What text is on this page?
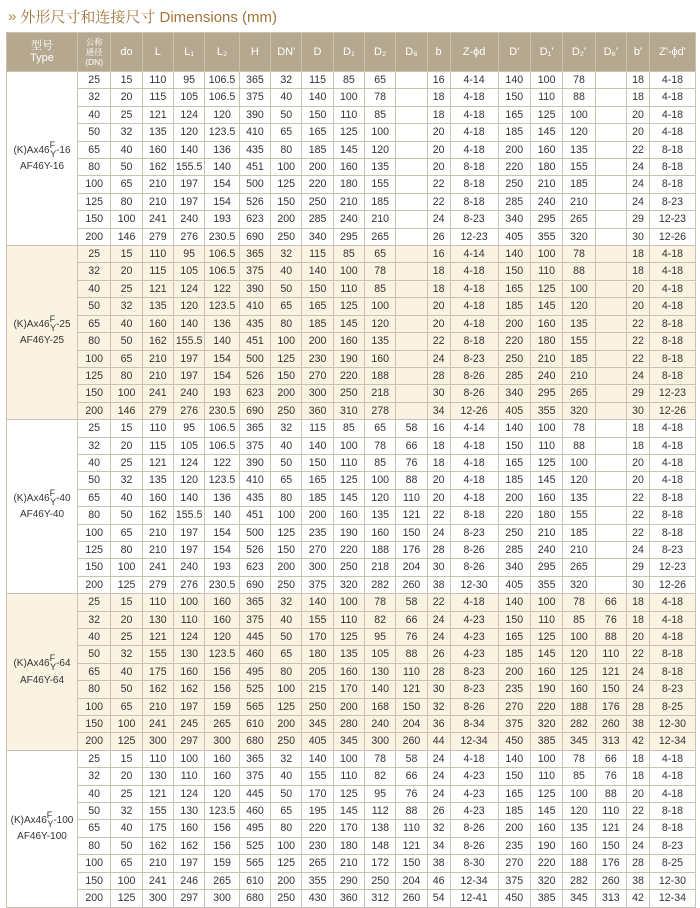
» 外形尺寸和连接尺寸 Dimensions (mm)
型号
Type	公称
通径
(DN)	do	L	L₁	L₂	H	DN'	D	D₁	D₂	D₆	b	Z-ϕd	D'	D₁'	D₂'	D₆'	b'	Z'-ϕd'
(K)Ax46FY-16
AF46Y-16	25	15	110	95	106.5	365	32	115	85	65		16	4-14	140	100	78		18	4-18
	32	20	115	105	106.5	375	40	140	100	78		18	4-18	150	110	88		18	4-18
	40	25	121	124	120	390	50	150	110	85		18	4-18	165	125	100		20	4-18
	50	32	135	120	123.5	410	65	165	125	100		20	4-18	185	145	120		20	4-18
	65	40	160	140	136	435	80	185	145	120		20	4-18	200	160	135		22	8-18
	80	50	162	155.5	140	451	100	200	160	135		20	8-18	220	180	155		24	8-18
	100	65	210	197	154	500	125	220	180	155		22	8-18	250	210	185		24	8-18
	125	80	210	197	154	526	150	250	210	185		22	8-18	285	240	210		24	8-23
	150	100	241	240	193	623	200	285	240	210		24	8-23	340	295	265		29	12-23
	200	146	279	276	230.5	690	250	340	295	265		26	12-23	405	355	320		30	12-26
(K)Ax46FY-25
AF46Y-25	25	15	110	95	106.5	365	32	115	85	65		16	4-14	140	100	78		18	4-18
	32	20	115	105	106.5	375	40	140	100	78		18	4-18	150	110	88		18	4-18
	40	25	121	124	122	390	50	150	110	85		18	4-18	165	125	100		20	4-18
	50	32	135	120	123.5	410	65	165	125	100		20	4-18	185	145	120		20	4-18
	65	40	160	140	136	435	80	185	145	120		20	4-18	200	160	135		22	8-18
	80	50	162	155.5	140	451	100	200	160	135		22	8-18	220	180	155		22	8-18
	100	65	210	197	154	500	125	230	190	160		24	8-23	250	210	185		22	8-18
	125	80	210	197	154	526	150	270	220	188		28	8-26	285	240	210		24	8-18
	150	100	241	240	193	623	200	300	250	218		30	8-26	340	295	265		29	12-23
	200	146	279	276	230.5	690	250	360	310	278		34	12-26	405	355	320		30	12-26
(K)Ax46FY-40
AF46Y-40	25	15	110	95	106.5	365	32	115	85	65	58	16	4-14	140	100	78		18	4-18
	32	20	115	105	106.5	375	40	140	100	78	66	18	4-18	150	110	88		18	4-18
	40	25	121	124	122	390	50	150	110	85	76	18	4-18	165	125	100		20	4-18
	50	32	135	120	123.5	410	65	165	125	100	88	20	4-18	185	145	120		20	4-18
	65	40	160	140	136	435	80	185	145	120	110	20	4-18	200	160	135		22	8-18
	80	50	162	155.5	140	451	100	200	160	135	121	22	8-18	220	180	155		22	8-18
	100	65	210	197	154	500	125	235	190	160	150	24	8-23	250	210	185		22	8-18
	125	80	210	197	154	526	150	270	220	188	176	28	8-26	285	240	210		24	8-23
	150	100	241	240	193	623	200	300	250	218	204	30	8-26	340	295	265		29	12-23
	200	125	279	276	230.5	690	250	375	320	282	260	38	12-30	405	355	320		30	12-26
(K)Ax46FY-64
AF46Y-64	25	15	110	100	160	365	32	140	100	78	58	22	4-18	140	100	78	66	18	4-18
	32	20	130	110	160	375	40	155	110	82	66	24	4-23	150	110	85	76	18	4-18
	40	25	121	124	120	445	50	170	125	95	76	24	4-23	165	125	100	88	20	4-18
	50	32	155	130	123.5	460	65	180	135	105	88	26	4-23	185	145	120	110	22	8-18
	65	40	175	160	156	495	80	205	160	130	110	28	8-23	200	160	125	121	24	8-18
	80	50	162	162	156	525	100	215	170	140	121	30	8-23	235	190	160	150	24	8-23
	100	65	210	197	159	565	125	250	200	168	150	32	8-26	270	220	188	176	28	8-25
	150	100	241	245	265	610	200	345	280	240	204	36	8-34	375	320	282	260	38	12-30
	200	125	300	297	300	680	250	405	345	300	260	44	12-34	450	385	345	313	42	12-34
(K)Ax46FY-100
AF46Y-100	25	15	110	100	160	365	32	140	100	78	58	24	4-18	140	100	78	66	18	4-18
	32	20	130	110	160	375	40	155	110	82	66	24	4-23	150	110	85	76	18	4-18
	40	25	121	124	120	445	50	170	125	95	76	24	4-23	165	125	100	88	20	4-18
	50	32	155	130	123.5	460	65	195	145	112	88	26	4-23	185	145	120	110	22	8-18
	65	40	175	160	156	495	80	220	170	138	110	32	8-26	200	160	135	121	24	8-18
	80	50	162	162	156	525	100	230	180	148	121	34	8-26	235	190	160	150	24	8-23
	100	65	210	197	159	565	125	265	210	172	150	38	8-30	270	220	188	176	28	8-25
	150	100	241	246	265	610	200	355	290	250	204	46	12-34	375	320	282	260	38	12-30
	200	125	300	297	300	680	250	430	360	312	260	54	12-41	450	385	345	313	42	12-34
